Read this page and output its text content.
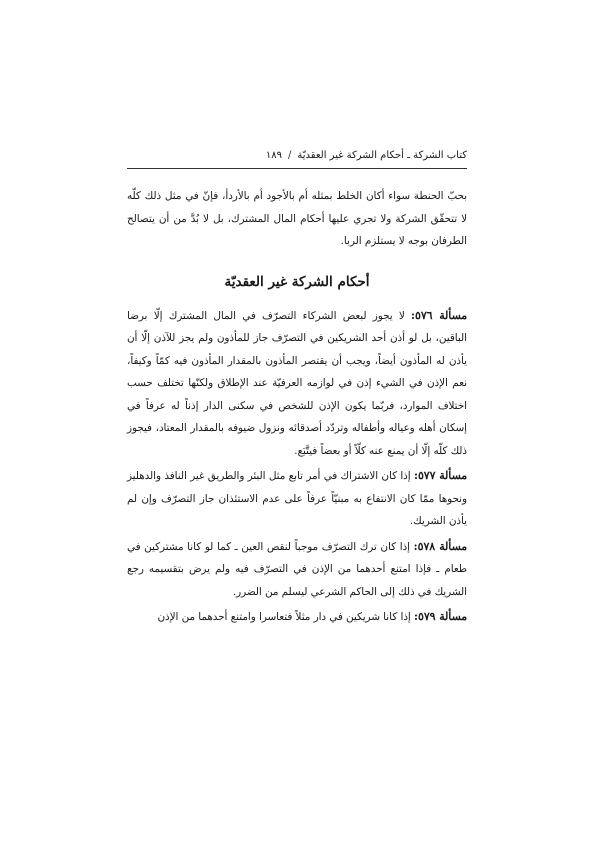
كتاب الشركة ـ أحكام الشركة غير العقديّة
/
١٨٩

بحبّ الحنطة سواء أكان الخلط بمثله أم بالأجود أم بالأردأ، فإنّ في مثل ذلك كلّه لا تتحقّق الشركة ولا تجري عليها أحكام المال المشترك، بل لا بُدَّ من أن يتصالح الطرفان بوجه لا يستلزم الربا.

أحكام الشركة غير العقديّة

مسألة ٥٧٦: لا يجوز لبعض الشركاء التصرّف في المال المشترك إلّا برضا الباقين، بل لو أذن أحد الشريكين في التصرّف جاز للمأذون ولم يجز للآذن إلّا أن يأذن له المأذون أيضاً، ويجب أن يقتصر المأذون بالمقدار المأذون فيه كمّاً وكيفاً، نعم الإذن في الشيء إذن في لوازمه العرفيّة عند الإطلاق ولكنّها تختلف حسب اختلاف الموارد، فربّما يكون الإذن للشخص في سكنى الدار إذناً له عرفاً في إسكان أهله وعياله وأطفاله وتردّد أصدقائه ونزول ضيوفه بالمقدار المعتاد، فيجوز ذلك كلّه إلّا أن يمنع عنه كلّاً أو بعضاً فيتَّبَع.

مسألة ٥٧٧: إذا كان الاشتراك في أمر تابع مثل البئر والطريق غير النافذ والدهليز ونحوها ممّا كان الانتفاع به مبنيّاً عرفاً على عدم الاستئذان جاز التصرّف وإن لم يأذن الشريك.

مسألة ٥٧٨: إذا كان ترك التصرّف موجباً لنقص العين ـ كما لو كانا مشتركين في طعام ـ فإذا امتنع أحدهما من الإذن في التصرّف فيه ولم يرض بتقسيمه رجع الشريك في ذلك إلى الحاكم الشرعي ليسلم من الضرر.

مسألة ٥٧٩: إذا كانا شريكين في دار مثلاً فتعاسرا وامتنع أحدهما من الإذن
